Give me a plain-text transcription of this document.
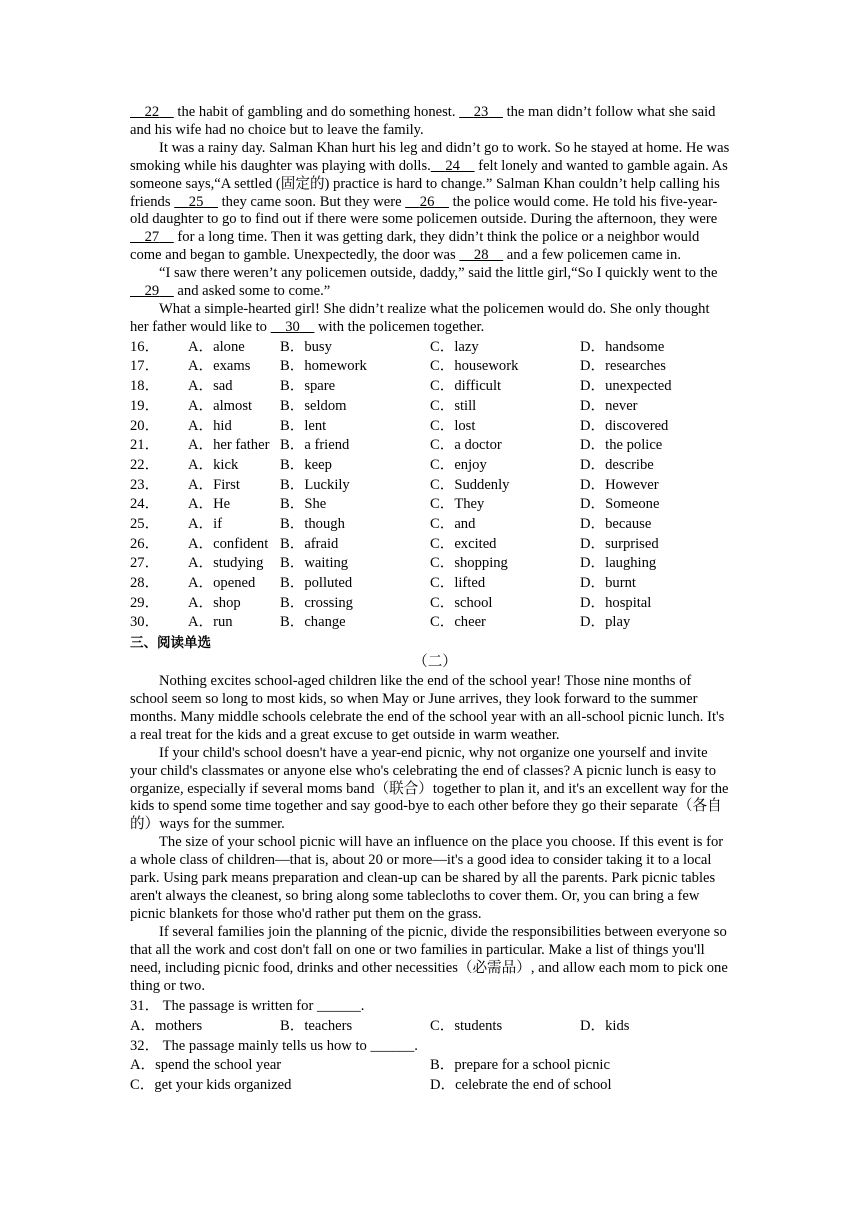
22     the habit of gambling and do something honest.     23     the man didn’t follow what she said and his wife had no choice but to leave the family.

It was a rainy day. Salman Khan hurt his leg and didn’t go to work. So he stayed at home. He was smoking while his daughter was playing with dolls. 24     felt lonely and wanted to gamble again. As someone says,“A settled (固定的) practice is hard to change.” Salman Khan couldn’t help calling his friends     25     they came soon. But they were     26     the police would come. He told his five-year-old daughter to go to find out if there were some policemen outside. During the afternoon, they were     27     for a long time. Then it was getting dark, they didn’t think the police or a neighbor would come and began to gamble. Unexpectedly, the door was     28     and a few policemen came in.

“I saw there weren’t any policemen outside, daddy,” said the little girl,“So I quickly went to the     29     and asked some to come.”

What a simple-hearted girl! She didn’t realize what the policemen would do. She only thought her father would like to     30     with the policemen together.

16．	A．alone	B．busy	C．lazy	D．handsome
17．	A．exams	B．homework	C．housework	D．researches
18．	A．sad	B．spare	C．difficult	D．unexpected
19．	A．almost	B．seldom	C．still	D．never
20．	A．hid	B．lent	C．lost	D．discovered
21．	A．her father B．a friend	C．a doctor	D．the police
22．	A．kick	B．keep	C．enjoy	D．describe
23．	A．First	B．Luckily	C．Suddenly	D．However
24．	A．He	B．She	C．They	D．Someone
25．	A．if	B．though	C．and	D．because
26．	A．confident B．afraid	C．excited	D．surprised
27．	A．studying	B．waiting	C．shopping	D．laughing
28．	A．opened	B．polluted	C．lifted	D．burnt
29．	A．shop	B．crossing	C．school	D．hospital
30．	A．run	B．change	C．cheer	D．play
三、阅读单选
（二）

Nothing excites school-aged children like the end of the school year! Those nine months of school seem so long to most kids, so when May or June arrives, they look forward to the summer months. Many middle schools celebrate the end of the school year with an all-school picnic lunch. It's a real treat for the kids and a great excuse to get outside in warm weather.

If your child's school doesn't have a year-end picnic, why not organize one yourself and invite your child's classmates or anyone else who's celebrating the end of classes? A picnic lunch is easy to organize, especially if several moms band（联合）together to plan it, and it's an excellent way for the kids to spend some time together and say good-bye to each other before they go their separate（各自的）ways for the summer.

The size of your school picnic will have an influence on the place you choose. If this event is for a whole class of children—that is, about 20 or more—it's a good idea to consider taking it to a local park. Using park means preparation and clean-up can be shared by all the parents. Park picnic tables aren't always the cleanest, so bring along some tablecloths to cover them. Or, you can bring a few picnic blankets for those who'd rather put them on the grass.

If several families join the planning of the picnic, divide the responsibilities between everyone so that all the work and cost don't fall on one or two families in particular. Make a list of things you'll need, including picnic food, drinks and other necessities（必需品）, and allow each mom to pick one thing or two.

31． The passage is written for ______.
A．mothers	B．teachers	C．students	D．kids
32． The passage mainly tells us how to ______.
A．spend the school year	B．prepare for a school picnic
C．get your kids organized	D．celebrate the end of school
